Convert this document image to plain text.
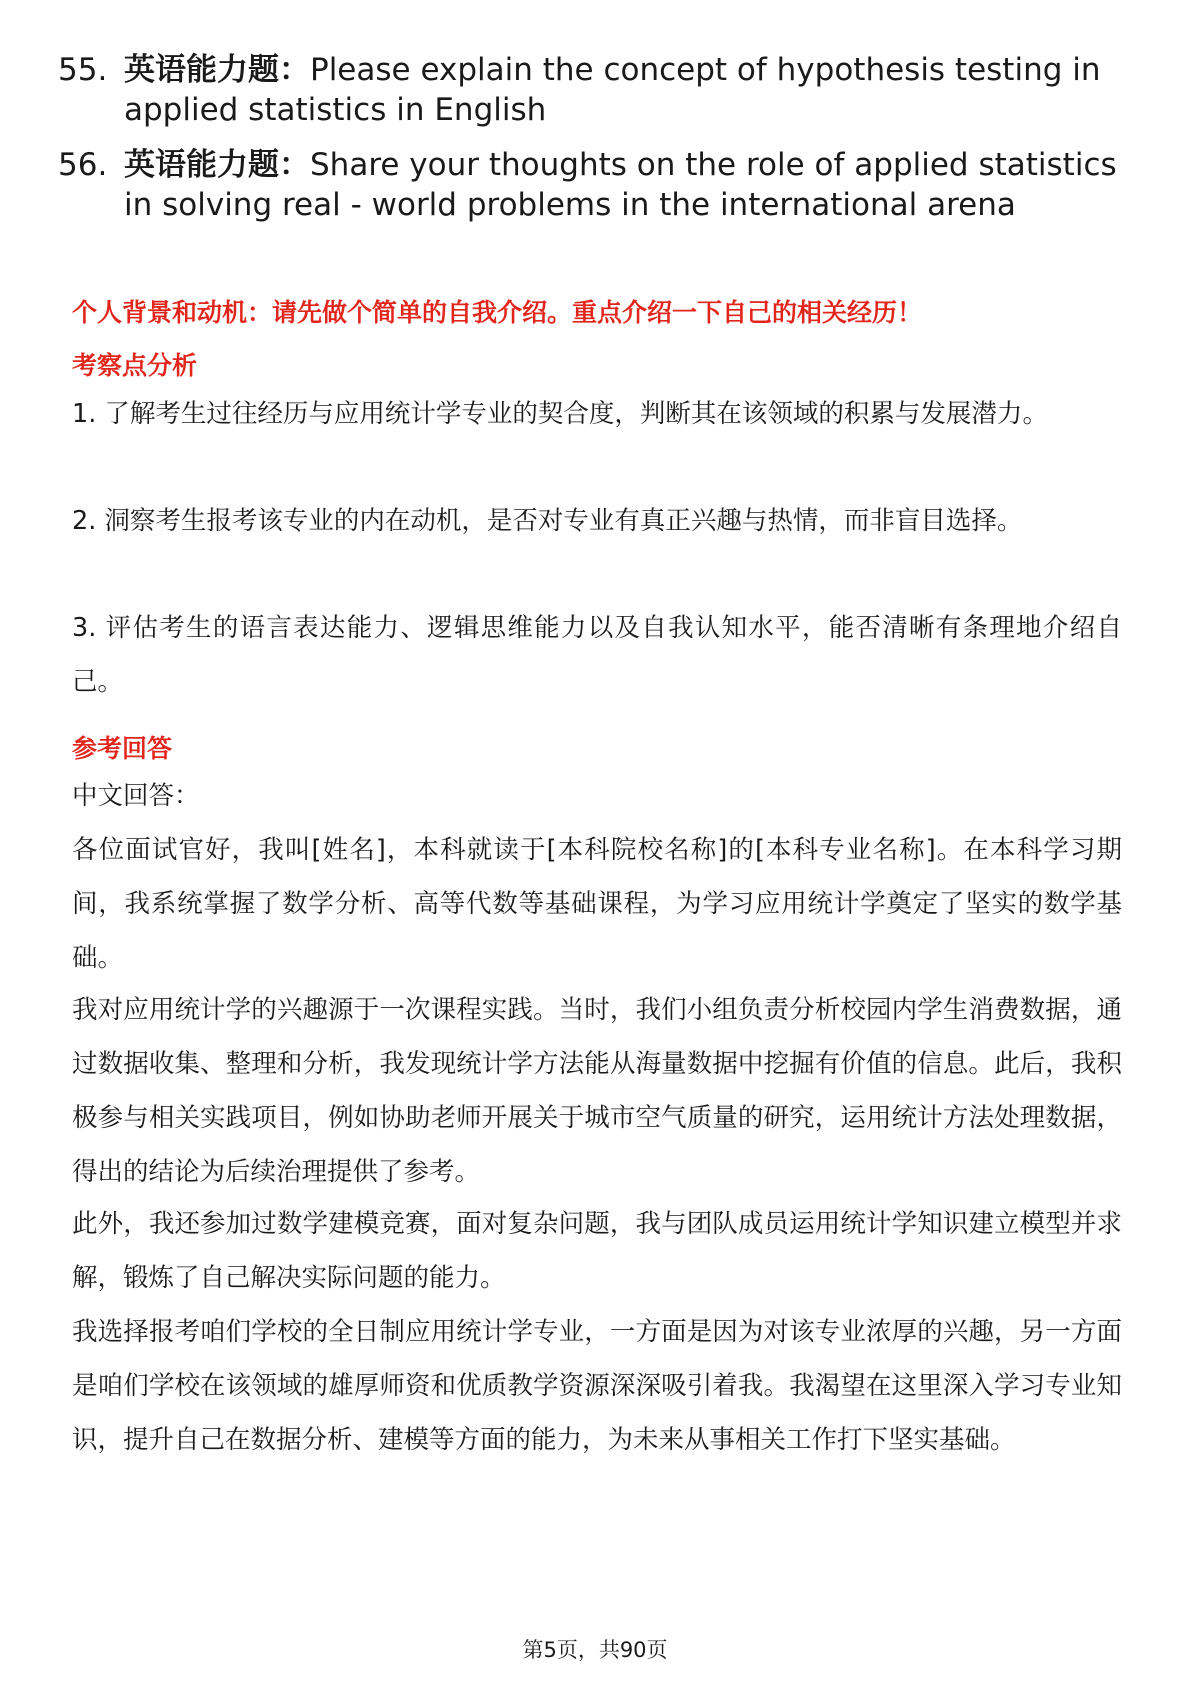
55. 英语能力题：Please explain the concept of hypothesis testing in applied statistics in English
56. 英语能力题：Share your thoughts on the role of applied statistics in solving real - world problems in the international arena
个人背景和动机：请先做个简单的自我介绍。重点介绍一下自己的相关经历！
考察点分析
1. 了解考生过往经历与应用统计学专业的契合度，判断其在该领域的积累与发展潜力。
2. 洞察考生报考该专业的内在动机，是否对专业有真正兴趣与热情，而非盲目选择。
3. 评估考生的语言表达能力、逻辑思维能力以及自我认知水平，能否清晰有条理地介绍自己。
参考回答
中文回答：
各位面试官好，我叫[姓名]，本科就读于[本科院校名称]的[本科专业名称]。在本科学习期间，我系统掌握了数学分析、高等代数等基础课程，为学习应用统计学奠定了坚实的数学基础。
我对应用统计学的兴趣源于一次课程实践。当时，我们小组负责分析校园内学生消费数据，通过数据收集、整理和分析，我发现统计学方法能从海量数据中挖掘有价值的信息。此后，我积极参与相关实践项目，例如协助老师开展关于城市空气质量的研究，运用统计方法处理数据，得出的结论为后续治理提供了参考。
此外，我还参加过数学建模竞赛，面对复杂问题，我与团队成员运用统计学知识建立模型并求解，锻炼了自己解决实际问题的能力。
我选择报考咱们学校的全日制应用统计学专业，一方面是因为对该专业浓厚的兴趣，另一方面是咱们学校在该领域的雄厚师资和优质教学资源深深吸引着我。我渴望在这里深入学习专业知识，提升自己在数据分析、建模等方面的能力，为未来从事相关工作打下坚实基础。
第5页，共90页
